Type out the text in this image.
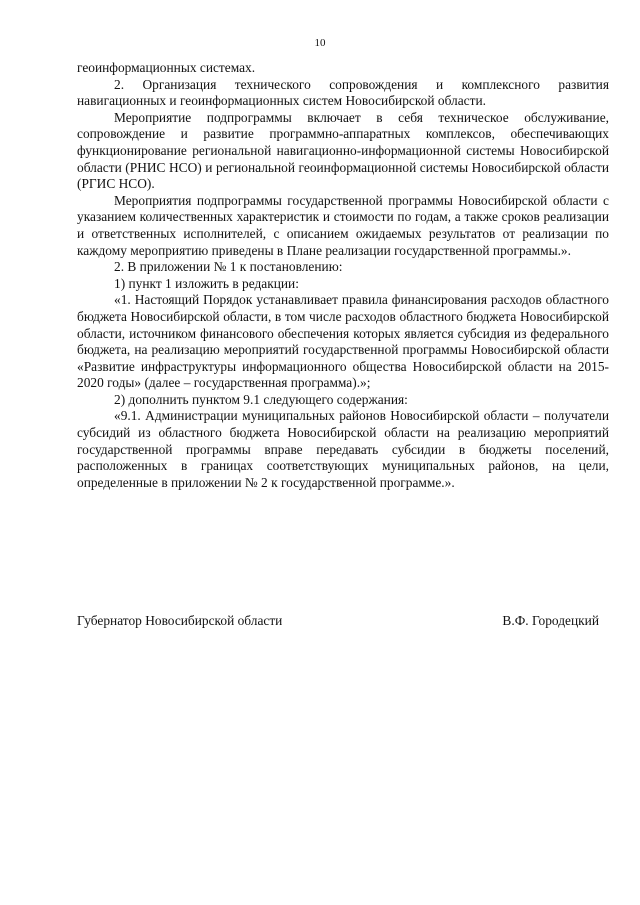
10

геоинформационных системах.

2. Организация технического сопровождения и комплексного развития навигационных и геоинформационных систем Новосибирской области.

Мероприятие подпрограммы включает в себя техническое обслуживание, сопровождение и развитие программно-аппаратных комплексов, обеспечивающих функционирование региональной навигационно-информационной системы Новосибирской области (РНИС НСО) и региональной геоинформационной системы Новосибирской области (РГИС НСО).

Мероприятия подпрограммы государственной программы Новосибирской области с указанием количественных характеристик и стоимости по годам, а также сроков реализации и ответственных исполнителей, с описанием ожидаемых результатов от реализации по каждому мероприятию приведены в Плане реализации государственной программы.».

2. В приложении № 1 к постановлению:

1) пункт 1 изложить в редакции:

«1. Настоящий Порядок устанавливает правила финансирования расходов областного бюджета Новосибирской области, в том числе расходов областного бюджета Новосибирской области, источником финансового обеспечения которых является субсидия из федерального бюджета, на реализацию мероприятий государственной программы Новосибирской области «Развитие инфраструктуры информационного общества Новосибирской области на 2015-2020 годы» (далее – государственная программа).»;

2) дополнить пунктом 9.1 следующего содержания:

«9.1. Администрации муниципальных районов Новосибирской области – получатели субсидий из областного бюджета Новосибирской области на реализацию мероприятий государственной программы вправе передавать субсидии в бюджеты поселений, расположенных в границах соответствующих муниципальных районов, на цели, определенные в приложении № 2 к государственной программе.».

Губернатор Новосибирской области	В.Ф. Городецкий
